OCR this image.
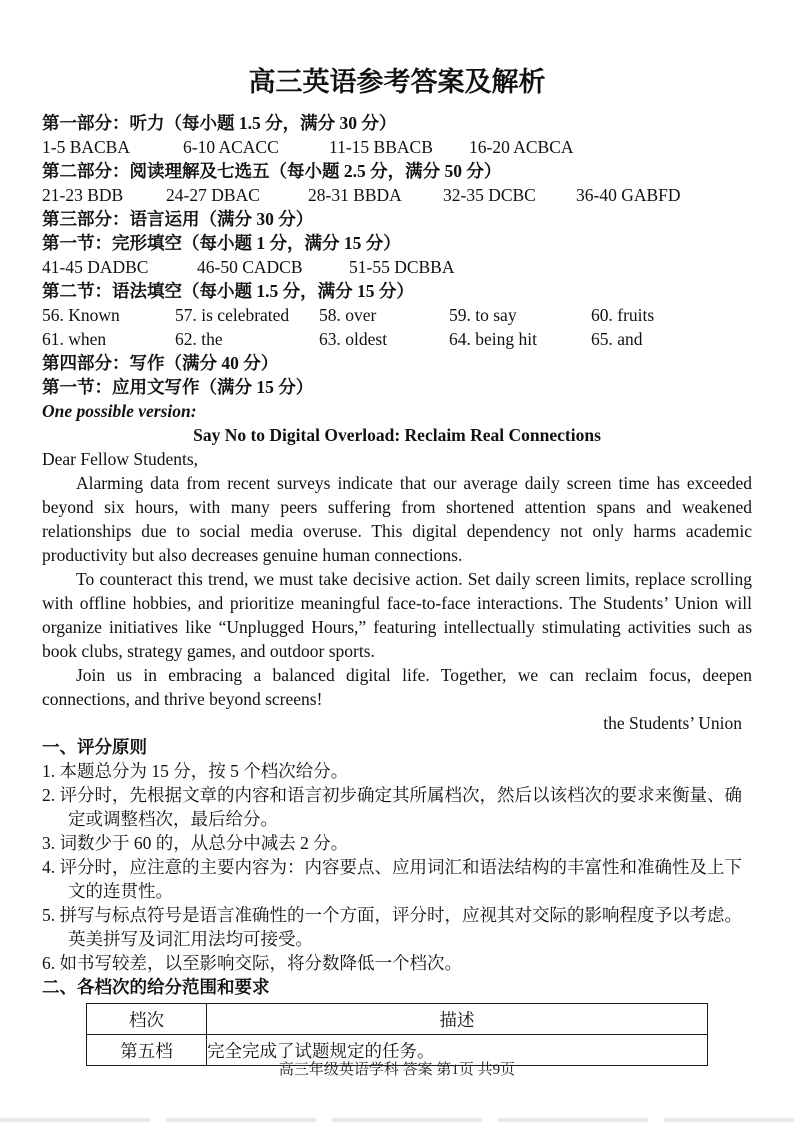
高三英语参考答案及解析
第一部分：听力（每小题 1.5 分，满分 30 分）
1-5 BACBA	6-10 ACACC	11-15 BBACB	16-20 ACBCA
第二部分：阅读理解及七选五（每小题 2.5 分，满分 50 分）
21-23 BDB	24-27 DBAC	28-31 BBDA	32-35 DCBC	36-40 GABFD
第三部分：语言运用（满分 30 分）
第一节：完形填空（每小题 1 分，满分 15 分）
41-45 DADBC	46-50 CADCB	51-55 DCBBA
第二节：语法填空（每小题 1.5 分，满分 15 分）
56. Known	57. is celebrated	58. over	59. to say	60. fruits
61. when	62. the	63. oldest	64. being hit	65. and
第四部分：写作（满分 40 分）
第一节：应用文写作（满分 15 分）
One possible version:
Say No to Digital Overload: Reclaim Real Connections
Dear Fellow Students,
Alarming data from recent surveys indicate that our average daily screen time has exceeded beyond six hours, with many peers suffering from shortened attention spans and weakened relationships due to social media overuse. This digital dependency not only harms academic productivity but also decreases genuine human connections.
To counteract this trend, we must take decisive action. Set daily screen limits, replace scrolling with offline hobbies, and prioritize meaningful face-to-face interactions. The Students’ Union will organize initiatives like “Unplugged Hours,” featuring intellectually stimulating activities such as book clubs, strategy games, and outdoor sports.
Join us in embracing a balanced digital life. Together, we can reclaim focus, deepen connections, and thrive beyond screens!
the Students’ Union
一、评分原则
1. 本题总分为 15 分，按 5 个档次给分。
2. 评分时，先根据文章的内容和语言初步确定其所属档次，然后以该档次的要求来衡量、确定或调整档次，最后给分。
3. 词数少于 60 的，从总分中减去 2 分。
4. 评分时，应注意的主要内容为：内容要点、应用词汇和语法结构的丰富性和准确性及上下文的连贯性。
5. 拼写与标点符号是语言准确性的一个方面，评分时，应视其对交际的影响程度予以考虑。英美拼写及词汇用法均可接受。
6. 如书写较差，以至影响交际，将分数降低一个档次。
二、各档次的给分范围和要求
档次	描述
第五档	完全完成了试题规定的任务。
高三年级英语学科 答案 第1页 共9页
